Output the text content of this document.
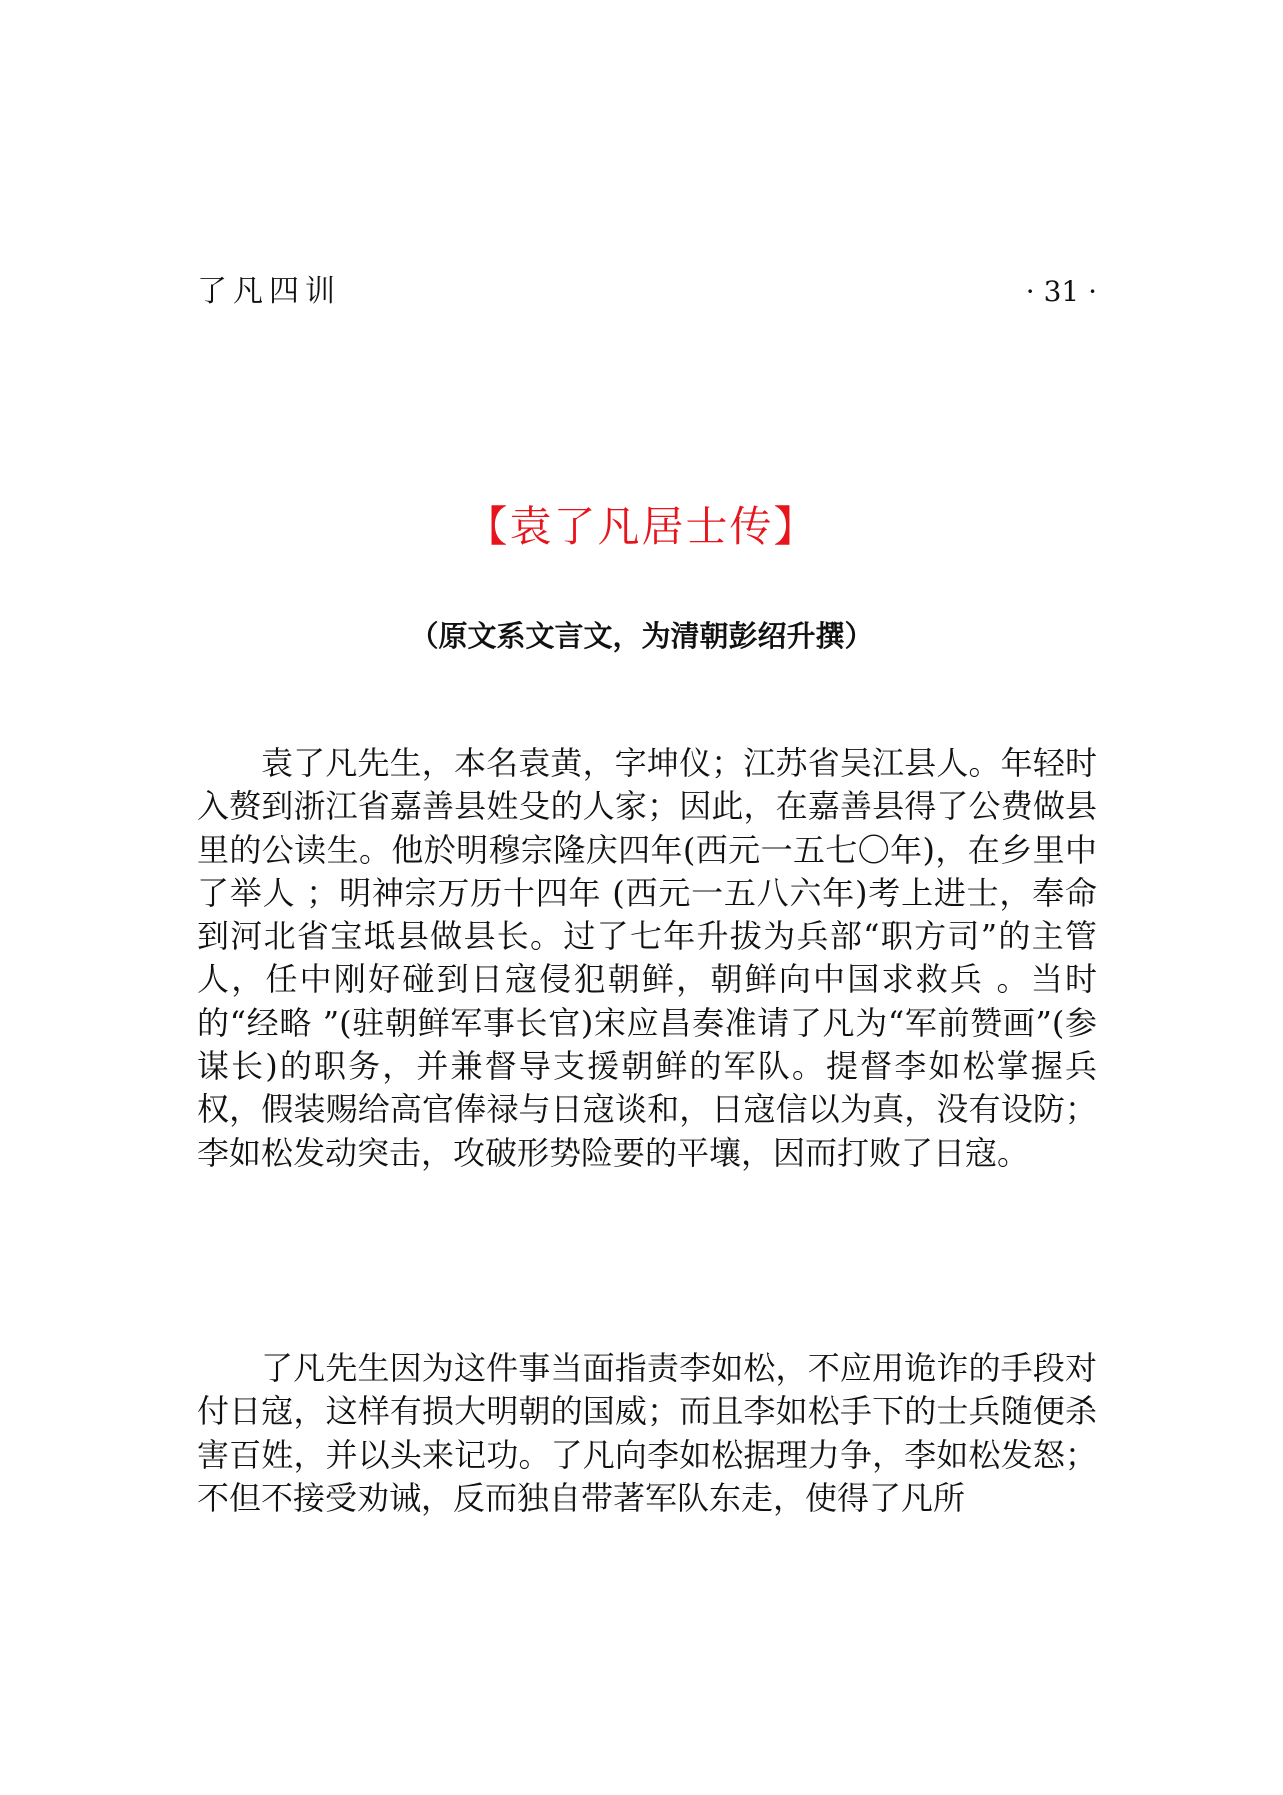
了凡四训	· 31 ·
【袁了凡居士传】
（原文系文言文，为清朝彭绍升撰）

袁了凡先生，本名袁黄，字坤仪；江苏省吴江县人。年轻时入赘到浙江省嘉善县姓殳的人家；因此，在嘉善县得了公费做县里的公读生。他於明穆宗隆庆四年(西元一五七〇年)，在乡里中了举人 ；明神宗万历十四年 (西元一五八六年)考上进士，奉命到河北省宝坻县做县长。过了七年升拔为兵部“职方司”的主管人，任中刚好碰到日寇侵犯朝鲜，朝鲜向中国求救兵 。当时的“经略 ”(驻朝鲜军事长官)宋应昌奏准请了凡为“军前赞画”(参谋长)的职务，并兼督导支援朝鲜的军队。提督李如松掌握兵权，假装赐给高官俸禄与日寇谈和，日寇信以为真，没有设防；李如松发动突击，攻破形势险要的平壤，因而打败了日寇。

了凡先生因为这件事当面指责李如松，不应用诡诈的手段对付日寇，这样有损大明朝的国威；而且李如松手下的士兵随便杀害百姓，并以头来记功。了凡向李如松据理力争，李如松发怒；不但不接受劝诫，反而独自带著军队东走，使得了凡所
